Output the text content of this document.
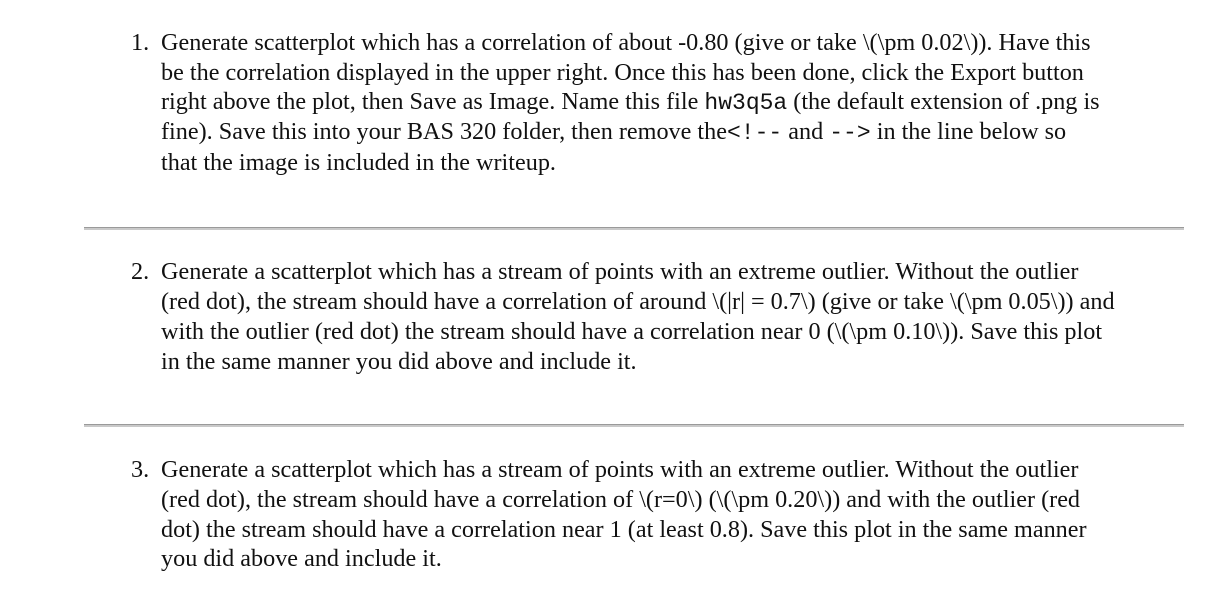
1. Generate scatterplot which has a correlation of about -0.80 (give or take \(\pm 0.02\)). Have this
be the correlation displayed in the upper right. Once this has been done, click the Export button
right above the plot, then Save as Image. Name this file hw3q5a (the default extension of .png is
fine). Save this into your BAS 320 folder, then remove the<!-- and --> in the line below so
that the image is included in the writeup.
2. Generate a scatterplot which has a stream of points with an extreme outlier. Without the outlier
(red dot), the stream should have a correlation of around \(|r| = 0.7\) (give or take \(\pm 0.05\)) and
with the outlier (red dot) the stream should have a correlation near 0 (\(\pm 0.10\)). Save this plot
in the same manner you did above and include it.
3. Generate a scatterplot which has a stream of points with an extreme outlier. Without the outlier
(red dot), the stream should have a correlation of \(r=0\) (\(\pm 0.20\)) and with the outlier (red
dot) the stream should have a correlation near 1 (at least 0.8). Save this plot in the same manner
you did above and include it.
